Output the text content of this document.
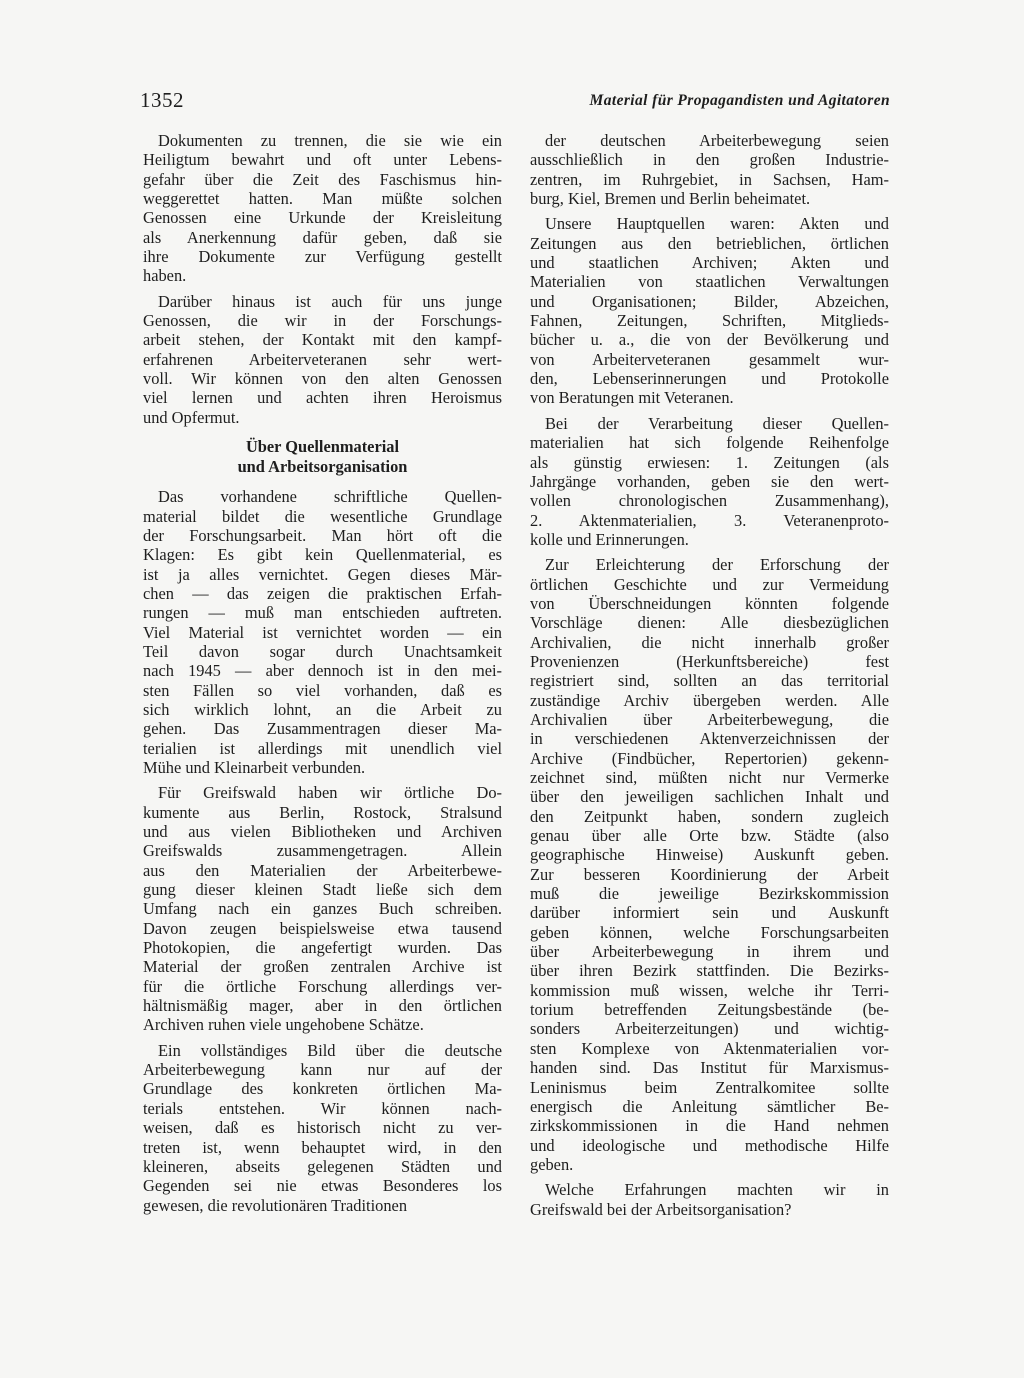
1352	Material für Propagandisten und Agitatoren
Dokumenten zu trennen, die sie wie ein
Heiligtum bewahrt und oft unter Lebens-
gefahr über die Zeit des Faschismus hin-
weggerettet hatten. Man müßte solchen
Genossen eine Urkunde der Kreisleitung
als Anerkennung dafür geben, daß sie
ihre Dokumente zur Verfügung gestellt
haben.
Darüber hinaus ist auch für uns junge
Genossen, die wir in der Forschungs-
arbeit stehen, der Kontakt mit den kampf-
erfahrenen Arbeiterveteranen sehr wert-
voll. Wir können von den alten Genossen
viel lernen und achten ihren Heroismus
und Opfermut.
Über Quellenmaterial
und Arbeitsorganisation
Das vorhandene schriftliche Quellen-
material bildet die wesentliche Grundlage
der Forschungsarbeit. Man hört oft die
Klagen: Es gibt kein Quellenmaterial, es
ist ja alles vernichtet. Gegen dieses Mär-
chen — das zeigen die praktischen Erfah-
rungen — muß man entschieden auftreten.
Viel Material ist vernichtet worden — ein
Teil davon sogar durch Unachtsamkeit
nach 1945 — aber dennoch ist in den mei-
sten Fällen so viel vorhanden, daß es
sich wirklich lohnt, an die Arbeit zu
gehen. Das Zusammentragen dieser Ma-
terialien ist allerdings mit unendlich viel
Mühe und Kleinarbeit verbunden.
Für Greifswald haben wir örtliche Do-
kumente aus Berlin, Rostock, Stralsund
und aus vielen Bibliotheken und Archiven
Greifswalds zusammengetragen. Allein
aus den Materialien der Arbeiterbewe-
gung dieser kleinen Stadt ließe sich dem
Umfang nach ein ganzes Buch schreiben.
Davon zeugen beispielsweise etwa tausend
Photokopien, die angefertigt wurden. Das
Material der großen zentralen Archive ist
für die örtliche Forschung allerdings ver-
hältnismäßig mager, aber in den örtlichen
Archiven ruhen viele ungehobene Schätze.
Ein vollständiges Bild über die deutsche
Arbeiterbewegung kann nur auf der
Grundlage des konkreten örtlichen Ma-
terials entstehen. Wir können nach-
weisen, daß es historisch nicht zu ver-
treten ist, wenn behauptet wird, in den
kleineren, abseits gelegenen Städten und
Gegenden sei nie etwas Besonderes los
gewesen, die revolutionären Traditionen
der deutschen Arbeiterbewegung seien
ausschließlich in den großen Industrie-
zentren, im Ruhrgebiet, in Sachsen, Ham-
burg, Kiel, Bremen und Berlin beheimatet.
Unsere Hauptquellen waren: Akten und
Zeitungen aus den betrieblichen, örtlichen
und staatlichen Archiven; Akten und
Materialien von staatlichen Verwaltungen
und Organisationen; Bilder, Abzeichen,
Fahnen, Zeitungen, Schriften, Mitglieds-
bücher u. a., die von der Bevölkerung und
von Arbeiterveteranen gesammelt wur-
den, Lebenserinnerungen und Protokolle
von Beratungen mit Veteranen.
Bei der Verarbeitung dieser Quellen-
materialien hat sich folgende Reihenfolge
als günstig erwiesen: 1. Zeitungen (als
Jahrgänge vorhanden, geben sie den wert-
vollen chronologischen Zusammenhang),
2. Aktenmaterialien, 3. Veteranenproto-
kolle und Erinnerungen.
Zur Erleichterung der Erforschung der
örtlichen Geschichte und zur Vermeidung
von Überschneidungen könnten folgende
Vorschläge dienen: Alle diesbezüglichen
Archivalien, die nicht innerhalb großer
Provenienzen (Herkunftsbereiche) fest
registriert sind, sollten an das territorial
zuständige Archiv übergeben werden. Alle
Archivalien über Arbeiterbewegung, die
in verschiedenen Aktenverzeichnissen der
Archive (Findbücher, Repertorien) gekenn-
zeichnet sind, müßten nicht nur Vermerke
über den jeweiligen sachlichen Inhalt und
den Zeitpunkt haben, sondern zugleich
genau über alle Orte bzw. Städte (also
geographische Hinweise) Auskunft geben.
Zur besseren Koordinierung der Arbeit
muß die jeweilige Bezirkskommission
darüber informiert sein und Auskunft
geben können, welche Forschungsarbeiten
über Arbeiterbewegung in ihrem und
über ihren Bezirk stattfinden. Die Bezirks-
kommission muß wissen, welche ihr Terri-
torium betreffenden Zeitungsbestände (be-
sonders Arbeiterzeitungen) und wichtig-
sten Komplexe von Aktenmaterialien vor-
handen sind. Das Institut für Marxismus-
Leninismus beim Zentralkomitee sollte
energisch die Anleitung sämtlicher Be-
zirkskommissionen in die Hand nehmen
und ideologische und methodische Hilfe
geben.
Welche Erfahrungen machten wir in
Greifswald bei der Arbeitsorganisation?
